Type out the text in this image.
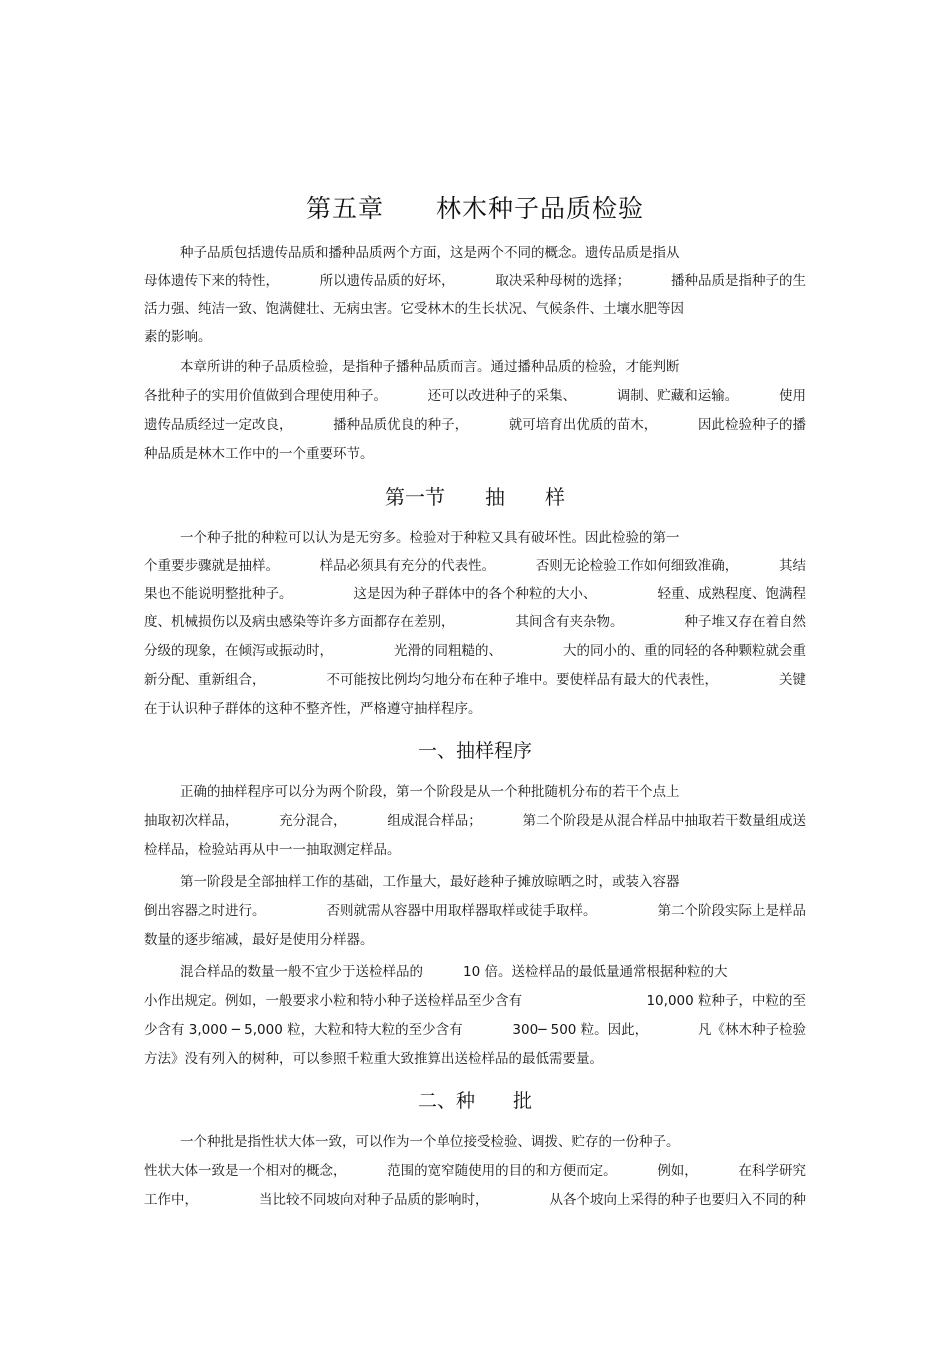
第五章　　林木种子品质检验
种子品质包括遗传品质和播种品质两个方面，这是两个不同的概念。遗传品质是指从
母体遗传下来的特性，	所以遗传品质的好坏，	取决采种母树的选择；	播种品质是指种子的生
活力强、纯洁一致、饱满健壮、无病虫害。它受林木的生长状况、气候条件、土壤水肥等因
素的影响。
本章所讲的种子品质检验，是指种子播种品质而言。通过播种品质的检验，才能判断
各批种子的实用价值做到合理使用种子。	还可以改进种子的采集、	调制、贮藏和运输。	使用
遗传品质经过一定改良，	播种品质优良的种子，	就可培育出优质的苗木，	因此检验种子的播
种品质是林木工作中的一个重要环节。
第一节　　抽　　样
一个种子批的种粒可以认为是无穷多。检验对于种粒又具有破坏性。因此检验的第一
个重要步骤就是抽样。	样品必须具有充分的代表性。	否则无论检验工作如何细致准确，	其结
果也不能说明整批种子。	这是因为种子群体中的各个种粒的大小、	轻重、成熟程度、饱满程
度、机械损伤以及病虫感染等许多方面都存在差别，	其间含有夹杂物。	种子堆又存在着自然
分级的现象，在倾泻或振动时，	光滑的同粗糙的、	大的同小的、重的同轻的各种颗粒就会重
新分配、重新组合，	不可能按比例均匀地分布在种子堆中。要使样品有最大的代表性，	关键
在于认识种子群体的这种不整齐性，严格遵守抽样程序。
一、抽样程序
正确的抽样程序可以分为两个阶段，第一个阶段是从一个种批随机分布的若干个点上
抽取初次样品，	充分混合，	组成混合样品；	第二个阶段是从混合样品中抽取若干数量组成送
检样品，检验站再从中一一抽取测定样品。
第一阶段是全部抽样工作的基础，工作量大，最好趁种子摊放晾晒之时，或装入容器
倒出容器之时进行。	否则就需从容器中用取样器取样或徒手取样。	第二个阶段实际上是样品
数量的逐步缩减，最好是使用分样器。
混合样品的数量一般不宜少于送检样品的	10 倍。送检样品的最低量通常根据种粒的大
小作出规定。例如，一般要求小粒和特小种子送检样品至少含有	10,000 粒种子，中粒的至
少含有 3,000 ─ 5,000 粒，大粒和特大粒的至少含有	300─ 500 粒。因此，	凡《林木种子检验
方法》没有列入的树种，可以参照千粒重大致推算出送检样品的最低需要量。
二、种　　批
一个种批是指性状大体一致，可以作为一个单位接受检验、调拨、贮存的一份种子。
性状大体一致是一个相对的概念，	范围的宽窄随使用的目的和方便而定。	例如，	在科学研究
工作中，	当比较不同坡向对种子品质的影响时，	从各个坡向上采得的种子也要归入不同的种
